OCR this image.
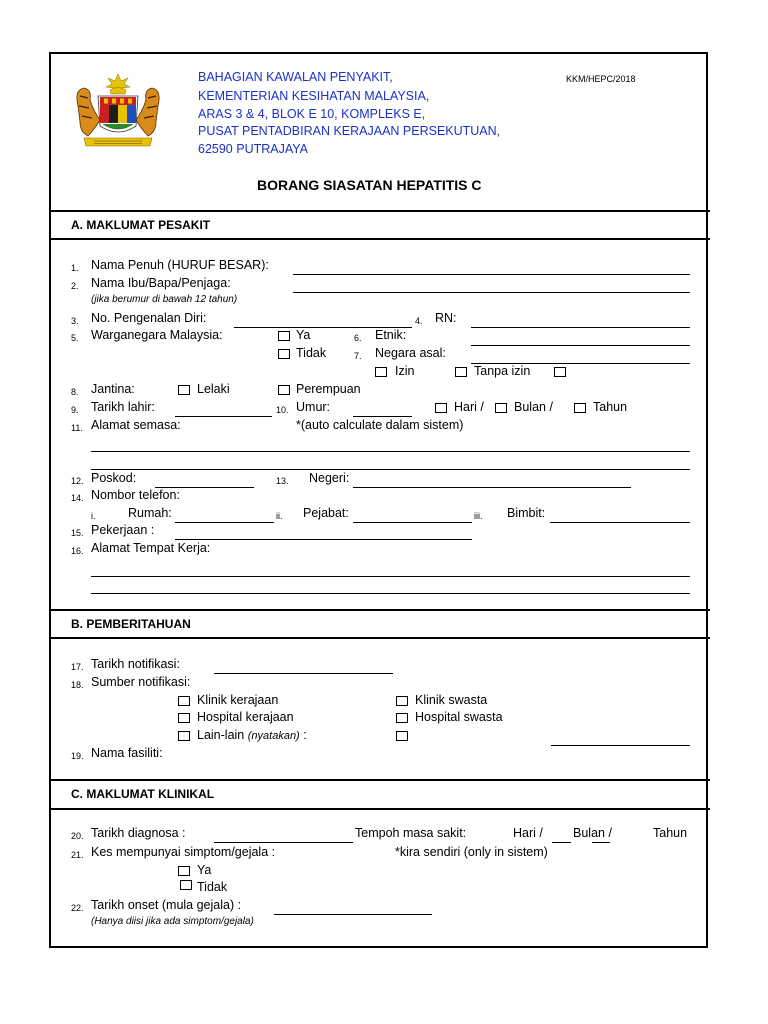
BAHAGIAN KAWALAN PENYAKIT,
KEMENTERIAN KESIHATAN MALAYSIA,
ARAS 3 & 4, BLOK E 10, KOMPLEKS E,
PUSAT PENTADBIRAN KERAJAAN PERSEKUTUAN,
62590 PUTRAJAYA
KKM/HEPC/2018
BORANG SIASATAN HEPATITIS C
A. MAKLUMAT PESAKIT
B. PEMBERITAHUAN
C. MAKLUMAT KLINIKAL
1. Nama Penuh (HURUF BESAR):
2. Nama Ibu/Bapa/Penjaga:
(jika berumur di bawah 12 tahun)
3. No. Pengenalan Diri:	4. RN:
5. Warganegara Malaysia:	Ya	6. Etnik:
Tidak	7. Negara asal:
Izin	Tanpa izin
8. Jantina:	Lelaki	Perempuan
9. Tarikh lahir:	10. Umur:	Hari / Bulan /	Tahun
11. Alamat semasa:	*(auto calculate dalam sistem)
12. Poskod:	13. Negeri:
14. Nombor telefon:
i.	Rumah:	ii. Pejabat:	iii. Bimbit:
15. Pekerjaan :
16. Alamat Tempat Kerja:
17. Tarikh notifikasi:
18. Sumber notifikasi:
Klinik kerajaan	Klinik swasta
Hospital kerajaan	Hospital swasta
Lain-lain (nyatakan) :
19. Nama fasiliti:
20. Tarikh diagnosa :	Tempoh masa sakit:	Hari / Bulan /	Tahun
21. Kes mempunyai simptom/gejala :	*kira sendiri (only in sistem)
Ya
Tidak
22. Tarikh onset (mula gejala) :
(Hanya diisi jika ada simptom/gejala)
